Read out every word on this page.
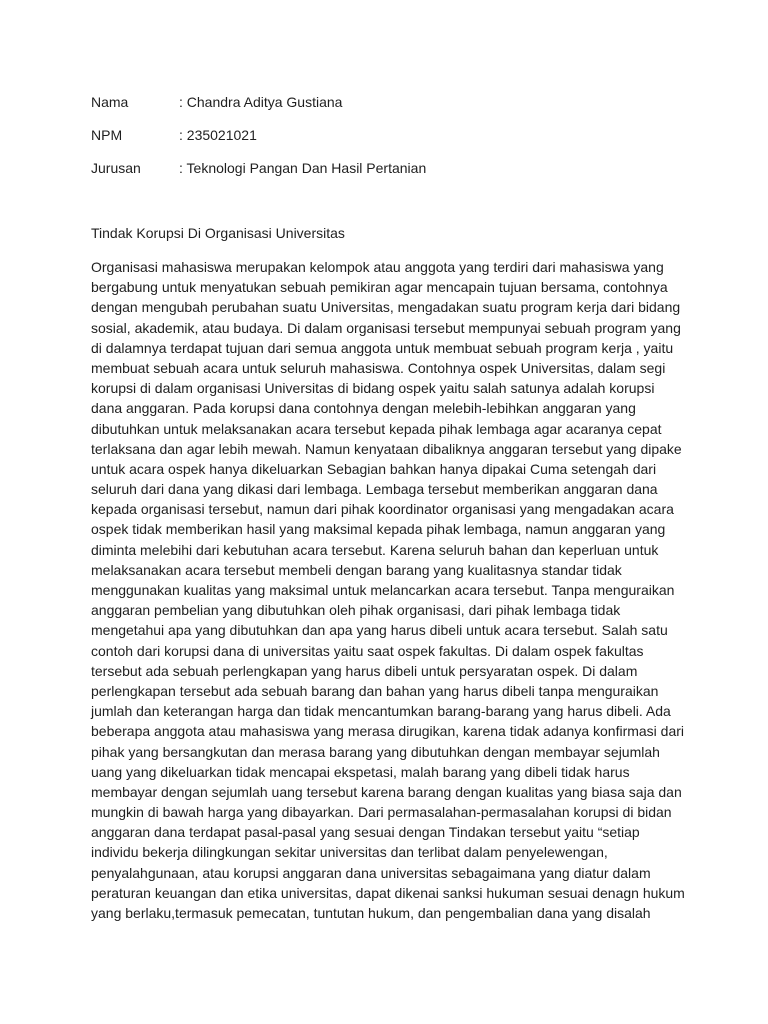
Nama	: Chandra Aditya Gustiana
NPM	: 235021021
Jurusan	: Teknologi Pangan Dan Hasil Pertanian
Tindak Korupsi Di Organisasi Universitas
Organisasi mahasiswa merupakan kelompok atau anggota yang terdiri dari mahasiswa yang
bergabung untuk menyatukan sebuah pemikiran agar mencapain tujuan bersama, contohnya
dengan mengubah perubahan suatu Universitas, mengadakan suatu program kerja dari bidang
sosial, akademik, atau budaya. Di dalam organisasi tersebut mempunyai sebuah program yang
di dalamnya terdapat tujuan dari semua anggota untuk membuat sebuah program kerja , yaitu
membuat sebuah acara untuk seluruh mahasiswa. Contohnya ospek Universitas, dalam segi
korupsi di dalam organisasi Universitas di bidang ospek yaitu salah satunya adalah korupsi
dana anggaran. Pada korupsi dana contohnya dengan melebih-lebihkan anggaran yang
dibutuhkan untuk melaksanakan acara tersebut kepada pihak lembaga agar acaranya cepat
terlaksana dan agar lebih mewah. Namun kenyataan dibaliknya anggaran tersebut yang dipake
untuk acara ospek hanya dikeluarkan Sebagian bahkan hanya dipakai Cuma setengah dari
seluruh dari dana yang dikasi dari lembaga. Lembaga tersebut memberikan anggaran dana
kepada organisasi tersebut, namun dari pihak koordinator organisasi yang mengadakan acara
ospek tidak memberikan hasil yang maksimal kepada pihak lembaga, namun anggaran yang
diminta melebihi dari kebutuhan acara tersebut. Karena seluruh bahan dan keperluan untuk
melaksanakan acara tersebut membeli dengan barang yang kualitasnya standar tidak
menggunakan kualitas yang maksimal untuk melancarkan acara tersebut. Tanpa menguraikan
anggaran pembelian yang dibutuhkan oleh pihak organisasi, dari pihak lembaga tidak
mengetahui apa yang dibutuhkan dan apa yang harus dibeli untuk acara tersebut. Salah satu
contoh dari korupsi dana di universitas yaitu saat ospek fakultas. Di dalam ospek fakultas
tersebut ada sebuah perlengkapan yang harus dibeli untuk persyaratan ospek. Di dalam
perlengkapan tersebut ada sebuah barang dan bahan yang harus dibeli tanpa menguraikan
jumlah dan keterangan harga dan tidak mencantumkan barang-barang yang harus dibeli. Ada
beberapa anggota atau mahasiswa yang merasa dirugikan, karena tidak adanya konfirmasi dari
pihak yang bersangkutan dan merasa barang yang dibutuhkan dengan membayar sejumlah
uang yang dikeluarkan tidak mencapai ekspetasi, malah barang yang dibeli tidak harus
membayar dengan sejumlah uang tersebut karena barang dengan kualitas yang biasa saja dan
mungkin di bawah harga yang dibayarkan. Dari permasalahan-permasalahan korupsi di bidan
anggaran dana terdapat pasal-pasal yang sesuai dengan Tindakan tersebut yaitu “setiap
individu bekerja dilingkungan sekitar universitas dan terlibat dalam penyelewengan,
penyalahgunaan, atau korupsi anggaran dana universitas sebagaimana yang diatur dalam
peraturan keuangan dan etika universitas, dapat dikenai sanksi hukuman sesuai denagn hukum
yang berlaku,termasuk pemecatan, tuntutan hukum, dan pengembalian dana yang disalah
